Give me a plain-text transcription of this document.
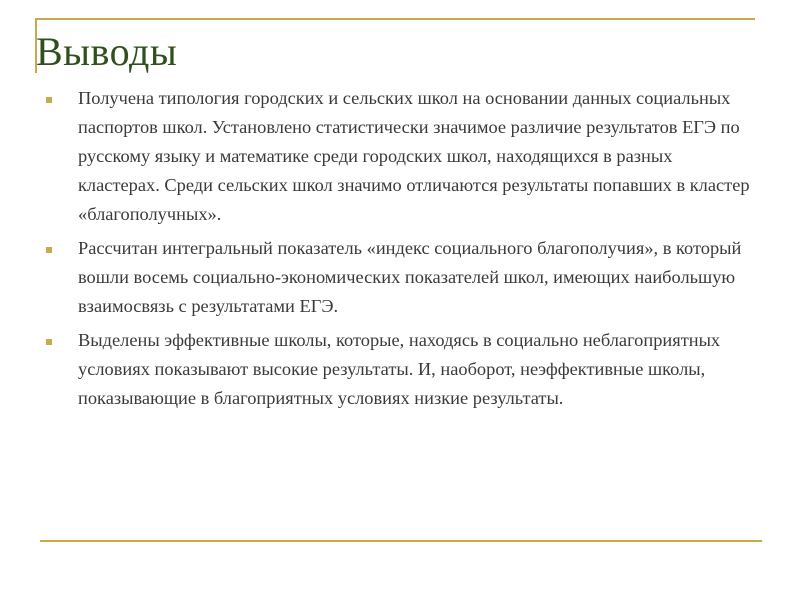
Выводы
Получена типология городских и сельских школ на основании данных социальных паспортов школ. Установлено статистически значимое различие результатов ЕГЭ по русскому языку и математике среди городских школ, находящихся в разных кластерах. Среди сельских школ значимо отличаются результаты попавших в кластер «благополучных».
Рассчитан интегральный показатель «индекс социального благополучия», в который вошли восемь социально-экономических показателей школ, имеющих наибольшую взаимосвязь с результатами ЕГЭ.
Выделены эффективные школы, которые, находясь в социально неблагоприятных условиях показывают высокие результаты. И, наоборот, неэффективные школы, показывающие в благоприятных условиях низкие результаты.
